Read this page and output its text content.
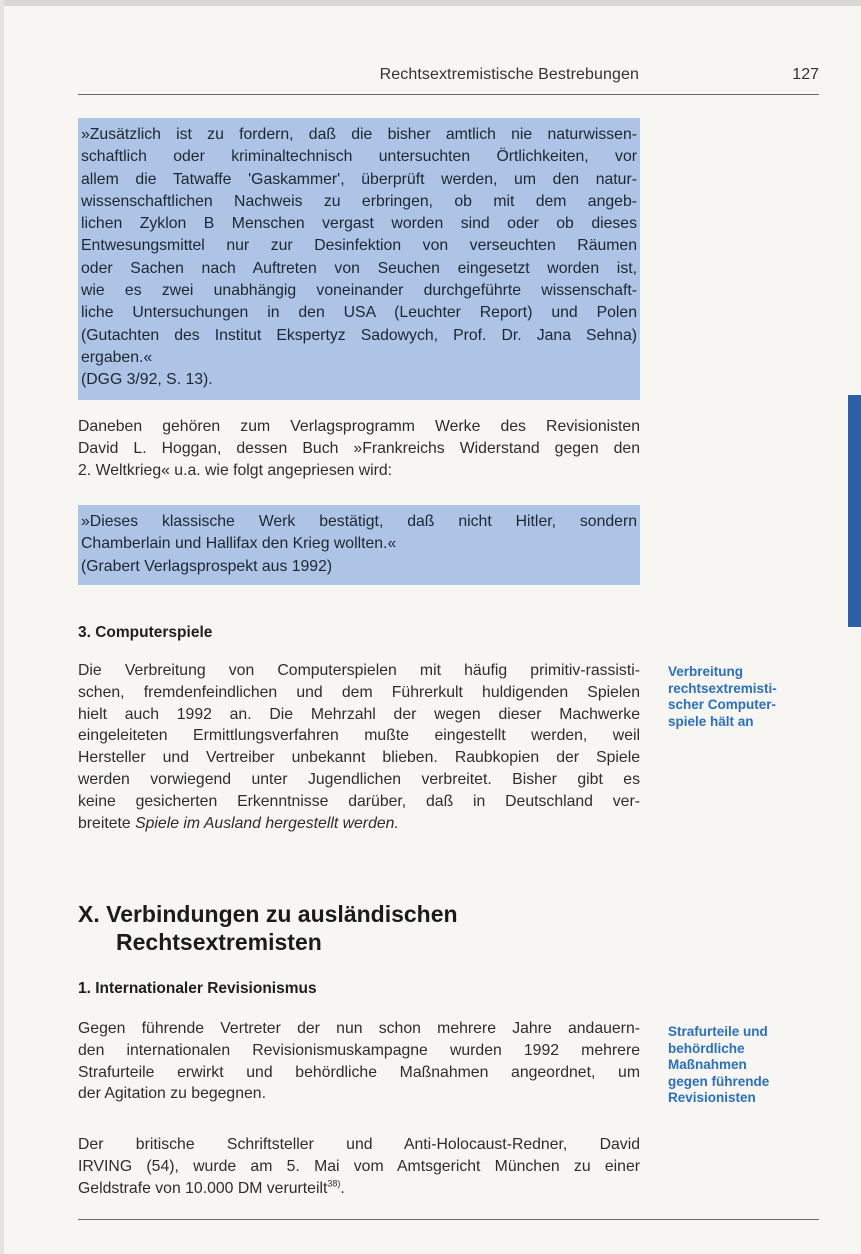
Rechtsextremistische Bestrebungen	127
»Zusätzlich ist zu fordern, daß die bisher amtlich nie naturwissen-
schaftlich oder kriminaltechnisch untersuchten Örtlichkeiten, vor
allem die Tatwaffe 'Gaskammer', überprüft werden, um den natur-
wissenschaftlichen Nachweis zu erbringen, ob mit dem angeb-
lichen Zyklon B Menschen vergast worden sind oder ob dieses
Entwesungsmittel nur zur Desinfektion von verseuchten Räumen
oder Sachen nach Auftreten von Seuchen eingesetzt worden ist,
wie es zwei unabhängig voneinander durchgeführte wissenschaft-
liche Untersuchungen in den USA (Leuchter Report) und Polen
(Gutachten des Institut Ekspertyz Sadowych, Prof. Dr. Jana Sehna)
ergaben.«
(DGG 3/92, S. 13).
Daneben gehören zum Verlagsprogramm Werke des Revisionisten
David L. Hoggan, dessen Buch »Frankreichs Widerstand gegen den
2. Weltkrieg« u.a. wie folgt angepriesen wird:
»Dieses klassische Werk bestätigt, daß nicht Hitler, sondern
Chamberlain und Hallifax den Krieg wollten.«
(Grabert Verlagsprospekt aus 1992)
3. Computerspiele
Die Verbreitung von Computerspielen mit häufig primitiv-rassisti-
schen, fremdenfeindlichen und dem Führerkult huldigenden Spielen
hielt auch 1992 an. Die Mehrzahl der wegen dieser Machwerke
eingeleiteten Ermittlungsverfahren mußte eingestellt werden, weil
Hersteller und Vertreiber unbekannt blieben. Raubkopien der Spiele
werden vorwiegend unter Jugendlichen verbreitet. Bisher gibt es
keine gesicherten Erkenntnisse darüber, daß in Deutschland ver-
breitete Spiele im Ausland hergestellt werden.
Verbreitung
rechtsextremisti-
scher Computer-
spiele hält an
X. Verbindungen zu ausländischen
Rechtsextremisten
1. Internationaler Revisionismus
Gegen führende Vertreter der nun schon mehrere Jahre andauern-
den internationalen Revisionismuskampagne wurden 1992 mehrere
Strafurteile erwirkt und behördliche Maßnahmen angeordnet, um
der Agitation zu begegnen.
Strafurteile und
behördliche
Maßnahmen
gegen führende
Revisionisten
Der britische Schriftsteller und Anti-Holocaust-Redner, David
IRVING (54), wurde am 5. Mai vom Amtsgericht München zu einer
Geldstrafe von 10.000 DM verurteilt$^{38)}$.
